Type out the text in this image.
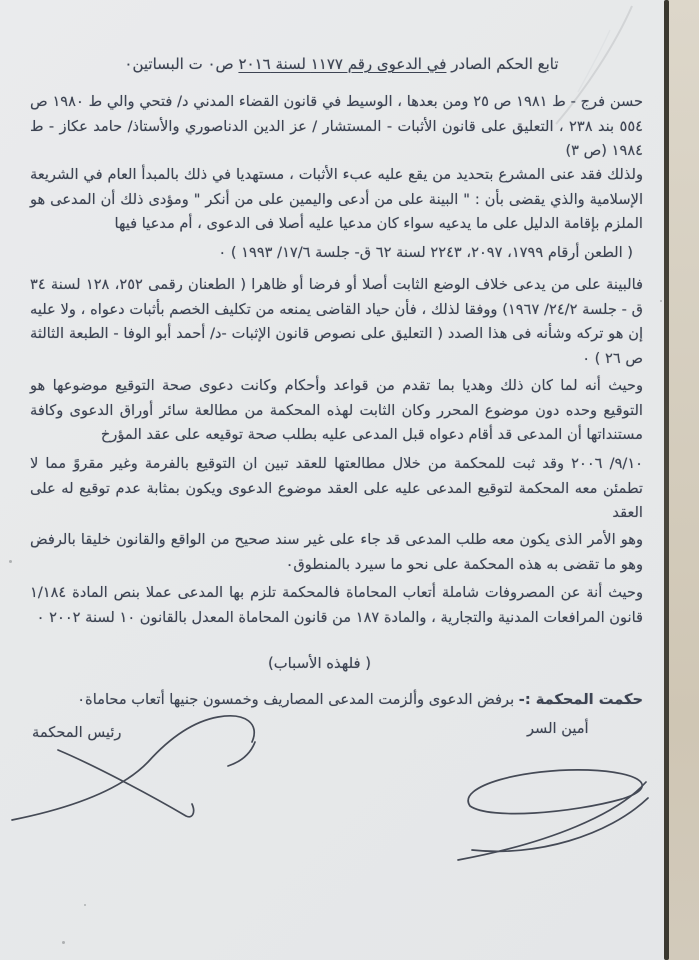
تابع الحكم الصادر في الدعوى رقم ١١٧٧ لسنة ٢٠١٦ ص٠ ت البساتين٠

حسن فرج - ط ١٩٨١ ص ٢٥ ومن بعدها ، الوسيط في قانون القضاء المدني د/ فتحي والي ط ١٩٨٠ ص ٥٥٤ بند ٢٣٨ ، التعليق على قانون الأثبات - المستشار / عز الدين الدناصوري والأستاذ/ حامد عكاز - ط ١٩٨٤ (ص ٣)

ولذلك فقد عنى المشرع بتحديد من يقع عليه عبء الأثبات ، مستهديا في ذلك بالمبدأ العام في الشريعة الإسلامية والذي يقضى بأن : " البينة على من أدعى واليمين على من أنكر " ومؤدى ذلك أن المدعى هو الملزم بإقامة الدليل على ما يدعيه سواء كان مدعيا عليه أصلا فى الدعوى ، أم مدعيا فيها

( الطعن أرقام ١٧٩٩، ٢٠٩٧، ٢٢٤٣ لسنة ٦٢ ق- جلسة ١٧/٦/ ١٩٩٣ ) ٠

فالبينة على من يدعى خلاف الوضع الثابت أصلا أو فرضا أو ظاهرا ( الطعنان رقمى ٢٥٢، ١٢٨ لسنة ٣٤ ق - جلسة ٢٤/٢/ ١٩٦٧) ووفقا لذلك ، فأن حياد القاضى يمنعه من تكليف الخصم بأثبات دعواه ، ولا عليه إن هو تركه وشأنه فى هذا الصدد ( التعليق على نصوص قانون الإثبات -د/ أحمد أبو الوفا - الطبعة الثالثة ص ٢٦ ) ٠

وحيث أنه لما كان ذلك وهديا بما تقدم من قواعد وأحكام وكانت دعوى صحة التوقيع موضوعها هو التوقيع وحده دون موضوع المحرر وكان الثابت لهذه المحكمة من مطالعة سائر أوراق الدعوى وكافة مستنداتها أن المدعى قد أقام دعواه قبل المدعى عليه بطلب صحة توقيعه على عقد المؤرخ

٩/١٠/ ٢٠٠٦ وقد ثبت للمحكمة من خلال مطالعتها للعقد تبين ان التوقيع بالفرمة وغير مقروً مما لا تطمئن معه المحكمة لتوقيع المدعى عليه على العقد موضوع الدعوى ويكون بمثابة عدم توقيع له على العقد

وهو الأمر الذى يكون معه طلب المدعى قد جاء على غير سند صحيح من الواقع والقانون خليقا بالرفض وهو ما تقضى به هذه المحكمة على نحو ما سيرد بالمنطوق٠

وحيث أنة عن المصروفات شاملة أتعاب المحاماة فالمحكمة تلزم بها المدعى عملا بنص المادة ١/١٨٤ قانون المرافعات المدنية والتجارية ، والمادة ١٨٧ من قانون المحاماة المعدل بالقانون ١٠ لسنة ٢٠٠٢ ٠

( فلهذه الأسباب)

حكمت المحكمة :- برفض الدعوى وألزمت المدعى المصاريف وخمسون جنيها أتعاب محاماة٠

أمين السر
رئيس المحكمة
